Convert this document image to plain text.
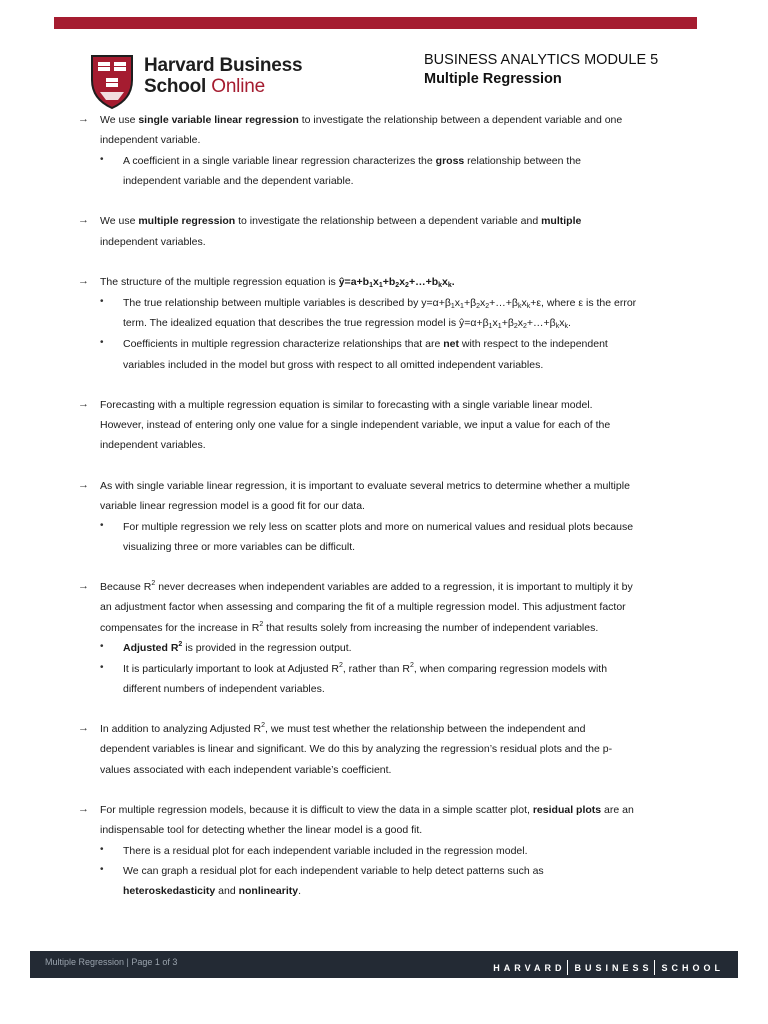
Harvard Business
School Online
BUSINESS ANALYTICS MODULE 5
Multiple Regression
→	We use single variable linear regression to investigate the relationship between a dependent variable and one
independent variable.
• A coefficient in a single variable linear regression characterizes the gross relationship between the
independent variable and the dependent variable.
→	We use multiple regression to investigate the relationship between a dependent variable and multiple
independent variables.
→	The structure of the multiple regression equation is $ŷ=a+b_1x_1+b_2x_2+\dots+b_kx_k$.
• The true relationship between multiple variables is described by $y=\alpha+\beta_1x_1+\beta_2x_2+\dots+\beta_kx_k+\varepsilon$, where ε is the error
term. The idealized equation that describes the true regression model is $ŷ=\alpha+\beta_1x_1+\beta_2x_2+\dots+\beta_kx_k$.
• Coefficients in multiple regression characterize relationships that are net with respect to the independent
variables included in the model but gross with respect to all omitted independent variables.
→	Forecasting with a multiple regression equation is similar to forecasting with a single variable linear model.
However, instead of entering only one value for a single independent variable, we input a value for each of the
independent variables.
→	As with single variable linear regression, it is important to evaluate several metrics to determine whether a multiple
variable linear regression model is a good fit for our data.
• For multiple regression we rely less on scatter plots and more on numerical values and residual plots because
visualizing three or more variables can be difficult.
→	Because $R^2$ never decreases when independent variables are added to a regression, it is important to multiply it by
an adjustment factor when assessing and comparing the fit of a multiple regression model. This adjustment factor
compensates for the increase in $R^2$ that results solely from increasing the number of independent variables.
• Adjusted $R^2$ is provided in the regression output.
• It is particularly important to look at Adjusted $R^2$, rather than $R^2$, when comparing regression models with
different numbers of independent variables.
→	In addition to analyzing Adjusted $R^2$, we must test whether the relationship between the independent and
dependent variables is linear and significant. We do this by analyzing the regression’s residual plots and the p-
values associated with each independent variable’s coefficient.
→	For multiple regression models, because it is difficult to view the data in a simple scatter plot, residual plots are an
indispensable tool for detecting whether the linear model is a good fit.
• There is a residual plot for each independent variable included in the regression model.
• We can graph a residual plot for each independent variable to help detect patterns such as
heteroskedasticity and nonlinearity.
Multiple Regression | Page 1 of 3
HARVARD BUSINESS SCHOOL
